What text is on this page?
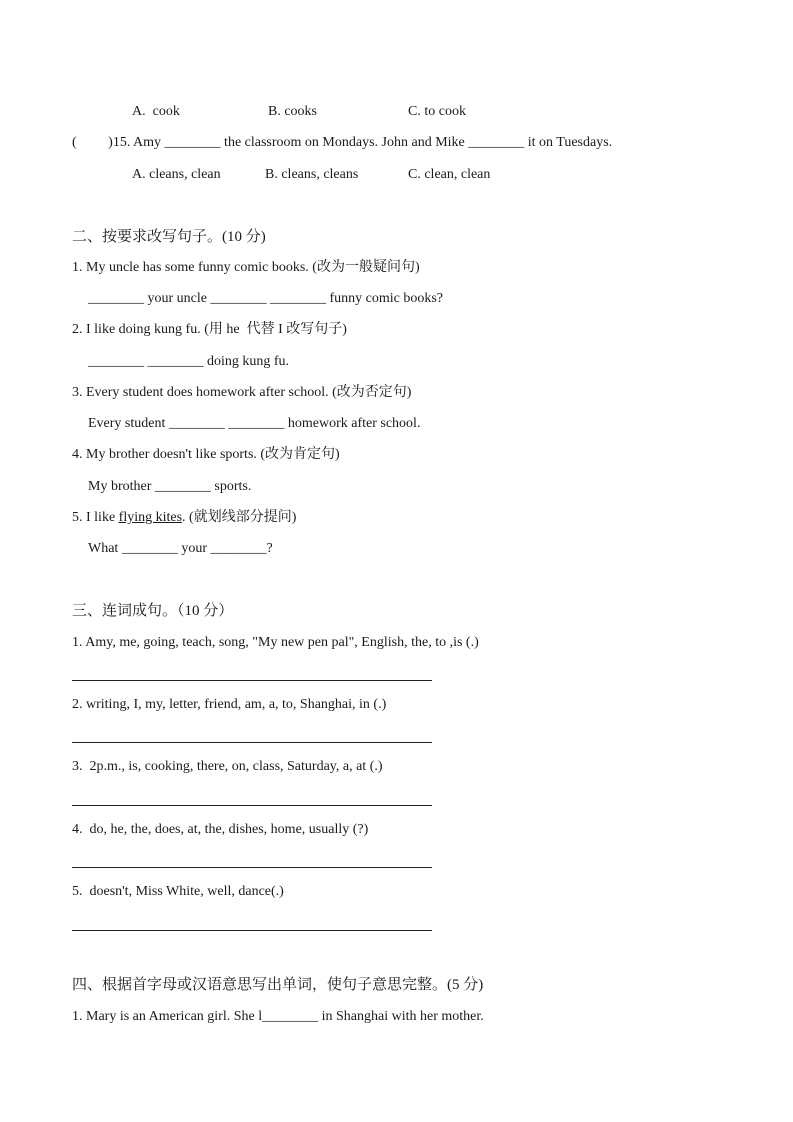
A.  cook	B. cooks	C. to cook
(         )15. Amy ________ the classroom on Mondays. John and Mike ________ it on Tuesdays.
A. cleans, clean	B. cleans, cleans	C. clean, clean
二、按要求改写句子。(10 分)
1. My uncle has some funny comic books. (改为一般疑问句)
________ your uncle ________ ________ funny comic books?
2. I like doing kung fu. (用 he  代替 I 改写句子)
________ ________ doing kung fu.
3. Every student does homework after school. (改为否定句)
Every student ________ ________ homework after school.
4. My brother doesn't like sports. (改为肯定句)
My brother ________ sports.
5. I like flying kites. (就划线部分提问)
What ________ your ________?
三、连词成句。（10 分）
1. Amy, me, going, teach, song, "My new pen pal", English, the, to ,is (.)
2. writing, I, my, letter, friend, am, a, to, Shanghai, in (.)
3.  2p.m., is, cooking, there, on, class, Saturday, a, at (.)
4.  do, he, the, does, at, the, dishes, home, usually (?)
5.  doesn't, Miss White, well, dance(.)
四、根据首字母或汉语意思写出单词，使句子意思完整。(5 分)
1. Mary is an American girl. She l________ in Shanghai with her mother.
